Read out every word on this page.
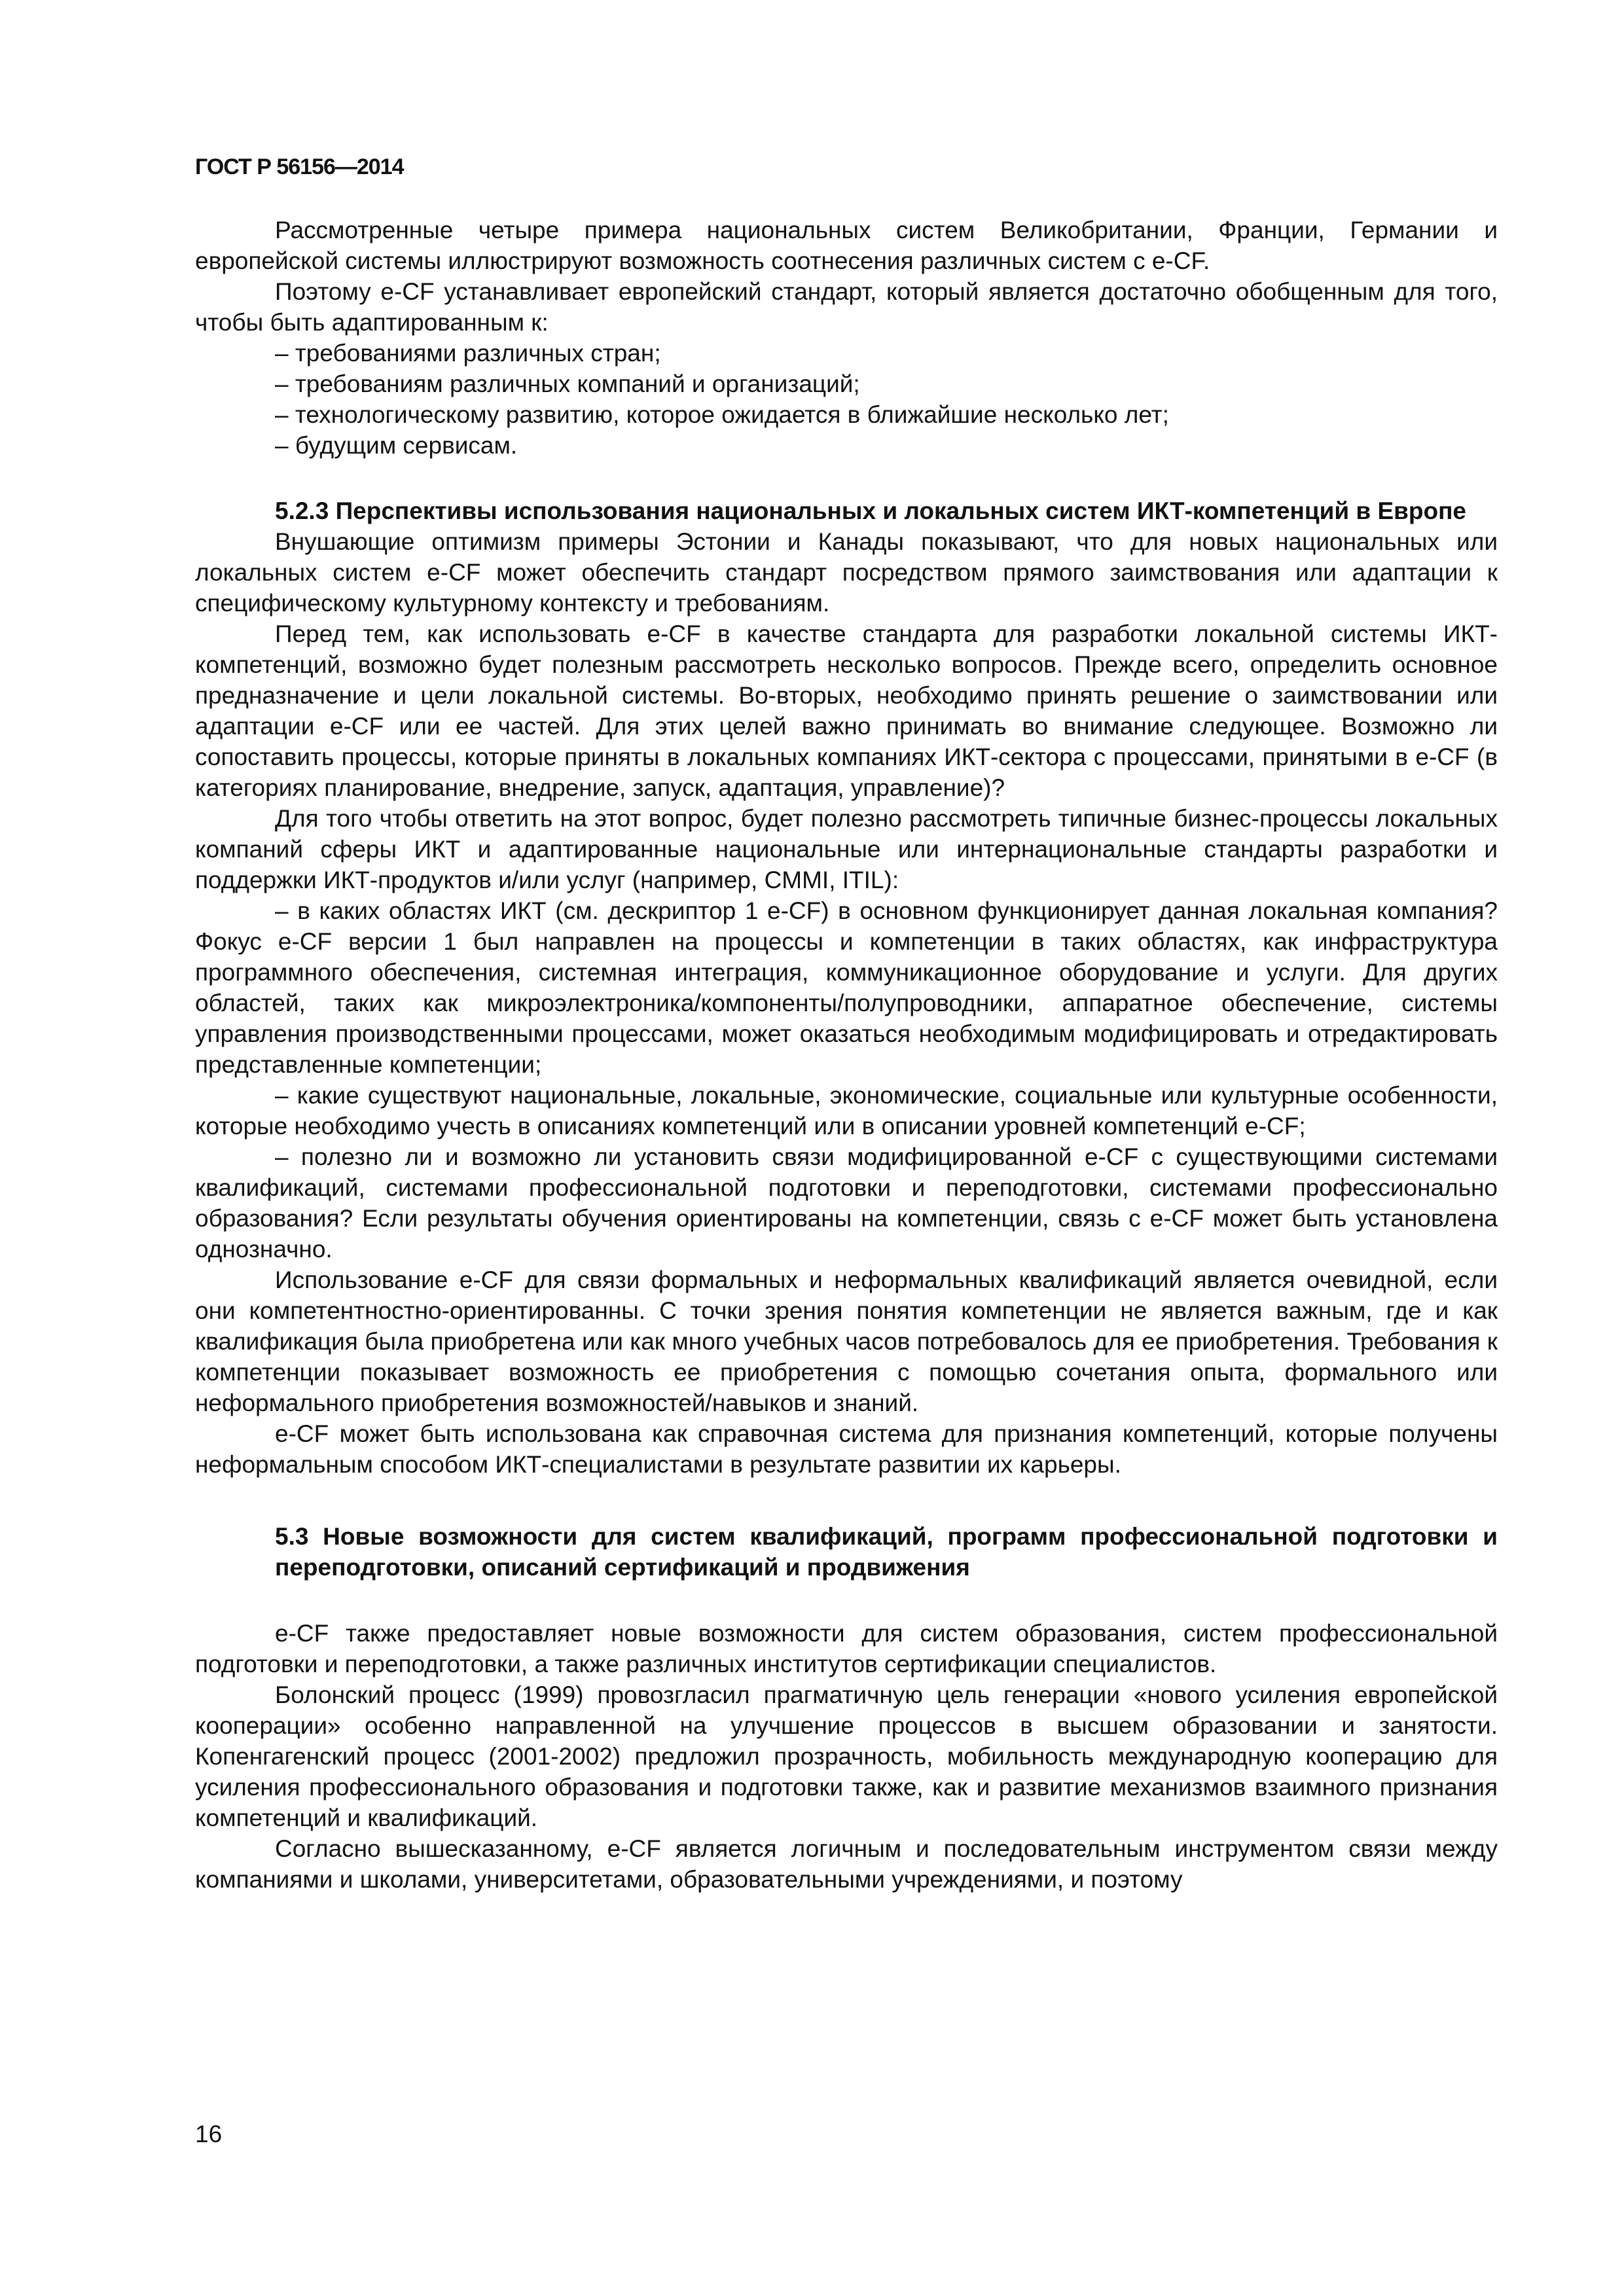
ГОСТ Р 56156—2014

Рассмотренные четыре примера национальных систем Великобритании, Франции, Германии и европейской системы иллюстрируют возможность соотнесения различных систем с e-CF.

Поэтому e-CF устанавливает европейский стандарт, который является достаточно обобщенным для того, чтобы быть адаптированным к:

– требованиями различных стран;

– требованиям различных компаний и организаций;

– технологическому развитию, которое ожидается в ближайшие несколько лет;

– будущим сервисам.

5.2.3 Перспективы использования национальных и локальных систем ИКТ-компетенций в Европе

Внушающие оптимизм примеры Эстонии и Канады показывают, что для новых национальных или локальных систем e-CF может обеспечить стандарт посредством прямого заимствования или адаптации к специфическому культурному контексту и требованиям.

Перед тем, как использовать e-CF в качестве стандарта для разработки локальной системы ИКТ-компетенций, возможно будет полезным рассмотреть несколько вопросов. Прежде всего, определить основное предназначение и цели локальной системы. Во-вторых, необходимо принять решение о заимствовании или адаптации e-CF или ее частей. Для этих целей важно принимать во внимание следующее. Возможно ли сопоставить процессы, которые приняты в локальных компаниях ИКТ-сектора с процессами, принятыми в e-CF (в категориях планирование, внедрение, запуск, адаптация, управление)?

Для того чтобы ответить на этот вопрос, будет полезно рассмотреть типичные бизнес-процессы локальных компаний сферы ИКТ и адаптированные национальные или интернациональные стандарты разработки и поддержки ИКТ-продуктов и/или услуг (например, CMMI, ITIL):

– в каких областях ИКТ (см. дескриптор 1 e-CF) в основном функционирует данная локальная компания? Фокус e-CF версии 1 был направлен на процессы и компетенции в таких областях, как инфраструктура программного обеспечения, системная интеграция, коммуникационное оборудование и услуги. Для других областей, таких как микроэлектроника/компоненты/полупроводники, аппаратное обеспечение, системы управления производственными процессами, может оказаться необходимым модифицировать и отредактировать представленные компетенции;

– какие существуют национальные, локальные, экономические, социальные или культурные особенности, которые необходимо учесть в описаниях компетенций или в описании уровней компетенций e-CF;

– полезно ли и возможно ли установить связи модифицированной e-CF с существующими системами квалификаций, системами профессиональной подготовки и переподготовки, системами профессионально образования? Если результаты обучения ориентированы на компетенции, связь с e-CF может быть установлена однозначно.

Использование e-CF для связи формальных и неформальных квалификаций является очевидной, если они компетентностно-ориентированны. С точки зрения понятия компетенции не является важным, где и как квалификация была приобретена или как много учебных часов потребовалось для ее приобретения. Требования к компетенции показывает возможность ее приобретения с помощью сочетания опыта, формального или неформального приобретения возможностей/навыков и знаний.

e-CF может быть использована как справочная система для признания компетенций, которые получены неформальным способом ИКТ-специалистами в результате развитии их карьеры.

5.3 Новые возможности для систем квалификаций, программ профессиональной подготовки и переподготовки, описаний сертификаций и продвижения

e-CF также предоставляет новые возможности для систем образования, систем профессиональной подготовки и переподготовки, а также различных институтов сертификации специалистов.

Болонский процесс (1999) провозгласил прагматичную цель генерации «нового усиления европейской кооперации» особенно направленной на улучшение процессов в высшем образовании и занятости. Копенгагенский процесс (2001-2002) предложил прозрачность, мобильность международную кооперацию для усиления профессионального образования и подготовки также, как и развитие механизмов взаимного признания компетенций и квалификаций.

Согласно вышесказанному, e-CF является логичным и последовательным инструментом связи между компаниями и школами, университетами, образовательными учреждениями, и поэтому

16
